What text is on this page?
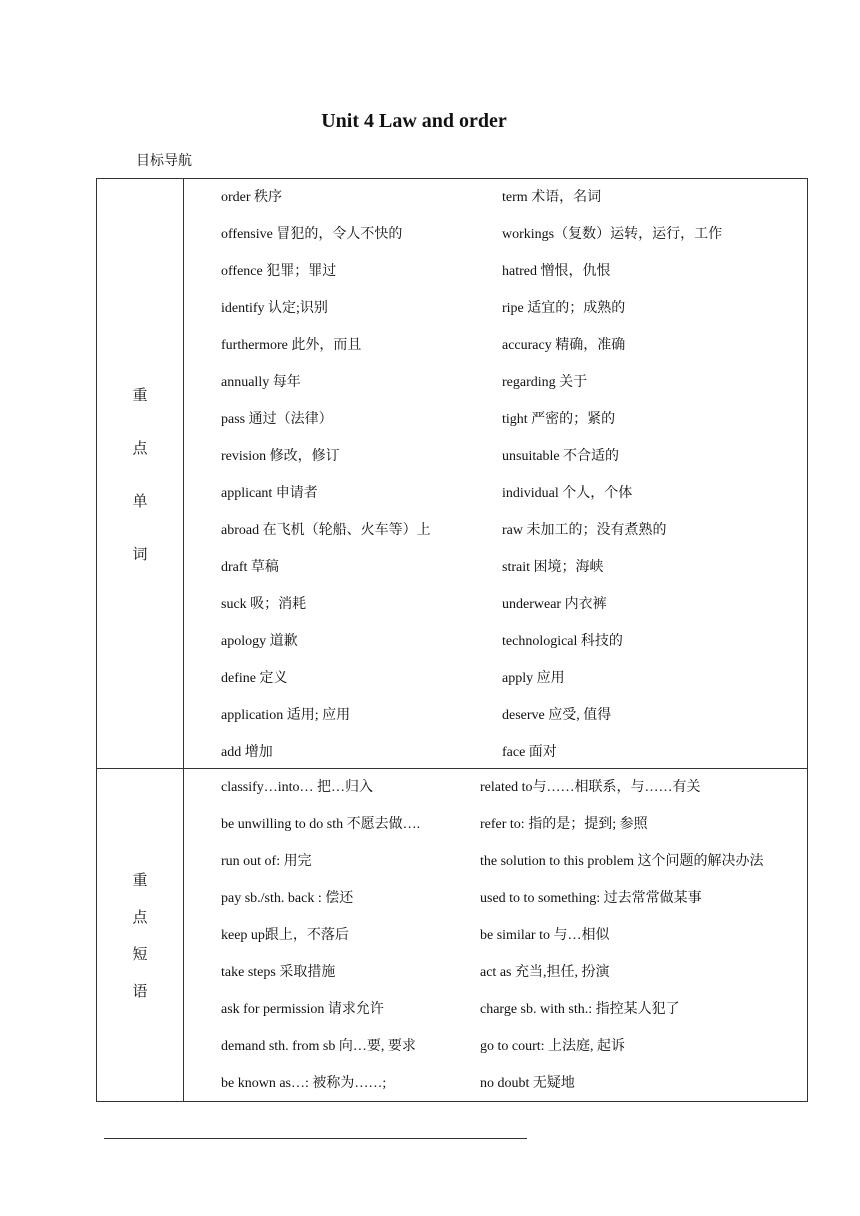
Unit 4 Law and order
目标导航
重
点
单
词
order 秩序	term 术语，名词
offensive 冒犯的，令人不快的	workings（复数）运转，运行，工作
offence 犯罪；罪过	hatred 憎恨，仇恨
identify 认定;识别	ripe 适宜的；成熟的
furthermore 此外，而且	accuracy 精确，准确
annually 每年	regarding 关于
pass 通过（法律）	tight 严密的；紧的
revision 修改，修订	unsuitable 不合适的
applicant 申请者	individual 个人，个体
abroad 在飞机（轮船、火车等）上	raw 未加工的；没有煮熟的
draft 草稿	strait 困境；海峡
suck 吸；消耗	underwear 内衣裤
apology 道歉	technological 科技的
define 定义	apply 应用
application 适用; 应用	deserve 应受, 值得
add 增加	face 面对
重
点
短
语
classify…into… 把…归入	related to与……相联系，与……有关
be unwilling to do sth 不愿去做….	refer to: 指的是；提到; 参照
run out of: 用完	the solution to this problem 这个问题的解决办法
pay sb./sth. back : 偿还	used to to something: 过去常常做某事
keep up跟上，不落后	be similar to 与…相似
take steps 采取措施	act as 充当,担任, 扮演
ask for permission 请求允许	charge sb. with sth.: 指控某人犯了
demand sth. from sb 向…要, 要求	go to court: 上法庭, 起诉
be known as…: 被称为……;	no doubt 无疑地
